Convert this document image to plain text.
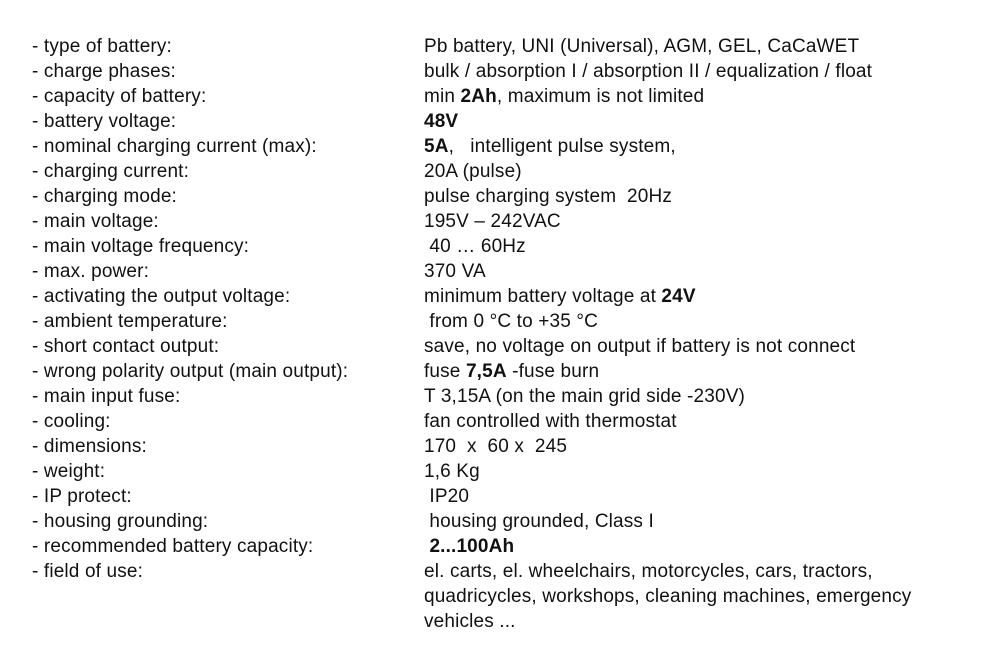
- type of battery:	Pb battery, UNI (Universal), AGM, GEL, CaCaWET
- charge phases:	bulk / absorption I / absorption II / equalization / float
- capacity of battery:	min 2Ah, maximum is not limited
- battery voltage:	48V
- nominal charging current (max):	5A,   intelligent pulse system,
- charging current:	20A (pulse)
- charging mode:	pulse charging system  20Hz
- main voltage:	195V – 242VAC
- main voltage frequency:	40 … 60Hz
- max. power:	370 VA
- activating the output voltage:	minimum battery voltage at 24V
- ambient temperature:	from 0 °C to +35 °C
- short contact output:	save, no voltage on output if battery is not connect
- wrong polarity output (main output):	fuse 7,5A -fuse burn
- main input fuse:	T 3,15A (on the main grid side -230V)
- cooling:	fan controlled with thermostat
- dimensions:	170  x  60 x  245
- weight:	1,6 Kg
- IP protect:	IP20
- housing grounding:	housing grounded, Class I
- recommended battery capacity:	2...100Ah
- field of use:	el. carts, el. wheelchairs, motorcycles, cars, tractors, quadricycles, workshops, cleaning machines, emergency vehicles ...
